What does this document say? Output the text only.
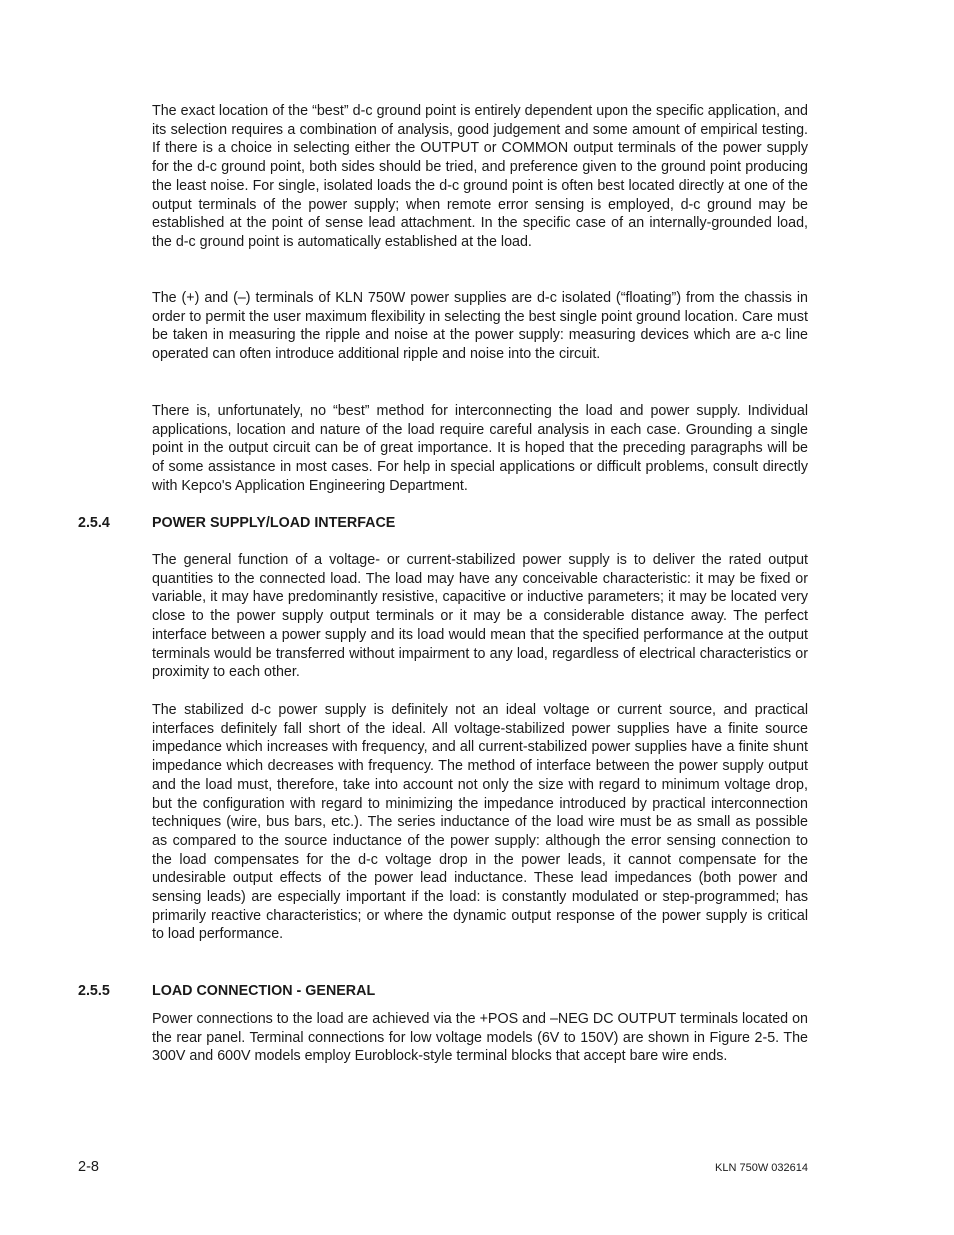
The exact location of the “best” d-c ground point is entirely dependent upon the specific application, and its selection requires a combination of analysis, good judgement and some amount of empirical testing. If there is a choice in selecting either the OUTPUT or COMMON output terminals of the power supply for the d-c ground point, both sides should be tried, and preference given to the ground point producing the least noise. For single, isolated loads the d-c ground point is often best located directly at one of the output terminals of the power supply; when remote error sensing is employed, d-c ground may be established at the point of sense lead attachment. In the specific case of an internally-grounded load, the d-c ground point is automatically established at the load.

The (+) and (–) terminals of KLN 750W power supplies are d-c isolated (“floating”) from the chassis in order to permit the user maximum flexibility in selecting the best single point ground location. Care must be taken in measuring the ripple and noise at the power supply: measuring devices which are a-c line operated can often introduce additional ripple and noise into the circuit.

There is, unfortunately, no “best” method for interconnecting the load and power supply. Individual applications, location and nature of the load require careful analysis in each case. Grounding a single point in the output circuit can be of great importance. It is hoped that the preceding paragraphs will be of some assistance in most cases. For help in special applications or difficult problems, consult directly with Kepco's Application Engineering Department.

2.5.4	POWER SUPPLY/LOAD INTERFACE

The general function of a voltage- or current-stabilized power supply is to deliver the rated output quantities to the connected load. The load may have any conceivable characteristic: it may be fixed or variable, it may have predominantly resistive, capacitive or inductive parameters; it may be located very close to the power supply output terminals or it may be a considerable distance away. The perfect interface between a power supply and its load would mean that the specified performance at the output terminals would be transferred without impairment to any load, regardless of electrical characteristics or proximity to each other.

The stabilized d-c power supply is definitely not an ideal voltage or current source, and practical interfaces definitely fall short of the ideal. All voltage-stabilized power supplies have a finite source impedance which increases with frequency, and all current-stabilized power supplies have a finite shunt impedance which decreases with frequency. The method of interface between the power supply output and the load must, therefore, take into account not only the size with regard to minimum voltage drop, but the configuration with regard to minimizing the impedance introduced by practical interconnection techniques (wire, bus bars, etc.). The series inductance of the load wire must be as small as possible as compared to the source inductance of the power supply: although the error sensing connection to the load compensates for the d-c voltage drop in the power leads, it cannot compensate for the undesirable output effects of the power lead inductance. These lead impedances (both power and sensing leads) are especially important if the load: is constantly modulated or step-programmed; has primarily reactive characteristics; or where the dynamic output response of the power supply is critical to load performance.

2.5.5	LOAD CONNECTION - GENERAL

Power connections to the load are achieved via the +POS and –NEG DC OUTPUT terminals located on the rear panel. Terminal connections for low voltage models (6V to 150V) are shown in Figure 2-5. The 300V and 600V models employ Euroblock-style terminal blocks that accept bare wire ends.

2-8	KLN 750W 032614
